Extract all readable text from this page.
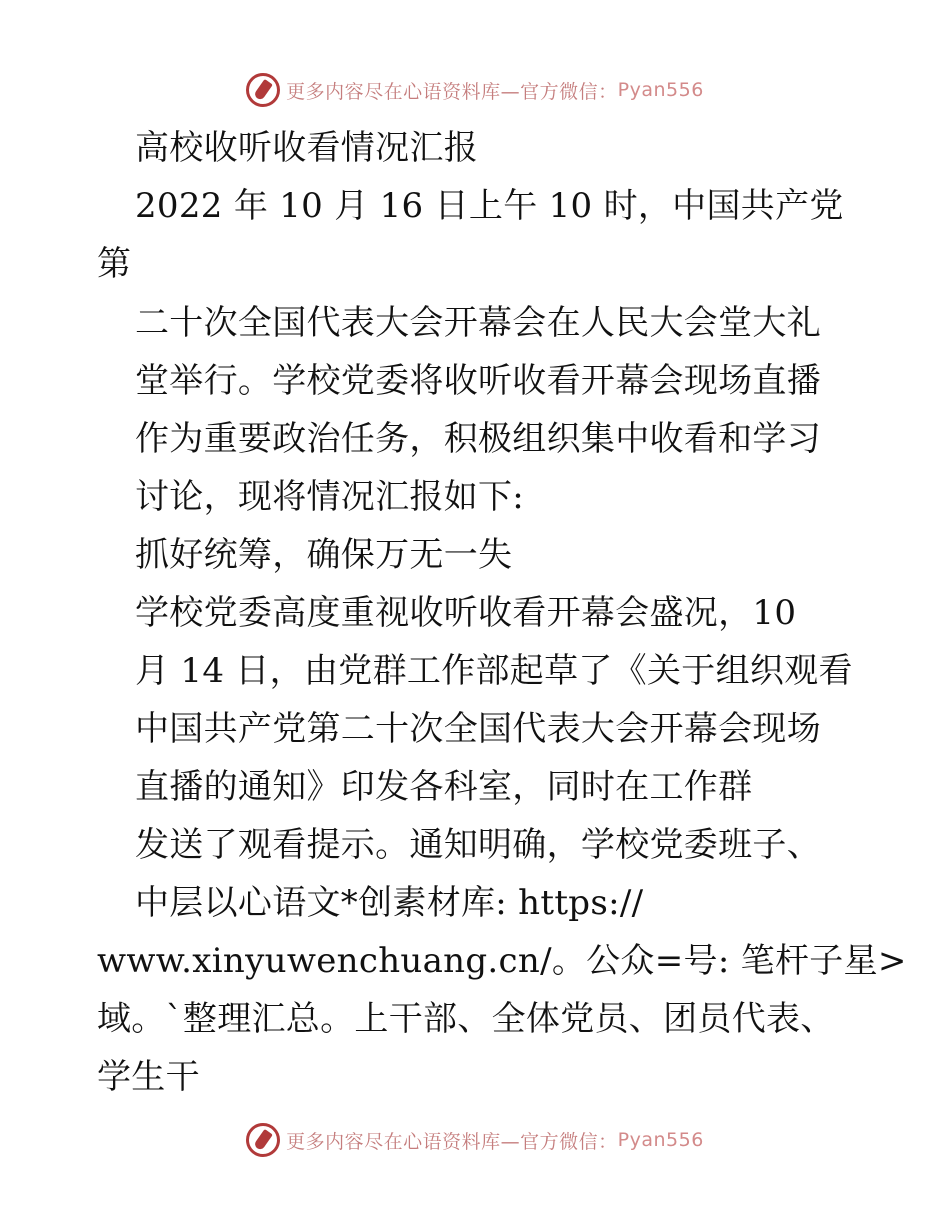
更多内容尽在心语资料库—官方微信： Pyan556
高校收听收看情况汇报
2022 年 10 月 16 日上午 10 时，中国共产党
第
二十次全国代表大会开幕会在人民大会堂大礼
堂举行。学校党委将收听收看开幕会现场直播
作为重要政治任务，积极组织集中收看和学习
讨论，现将情况汇报如下:
抓好统筹，确保万无一失
学校党委高度重视收听收看开幕会盛况，10
月 14 日，由党群工作部起草了《关于组织观看
中国共产党第二十次全国代表大会开幕会现场
直播的通知》印发各科室，同时在工作群
发送了观看提示。通知明确，学校党委班子、
中层以心语文*创素材库: https://
www.xinyuwenchuang.cn/。公众=号: 笔杆子星>
域。`整理汇总。上干部、全体党员、团员代表、
学生干
更多内容尽在心语资料库—官方微信： Pyan556
